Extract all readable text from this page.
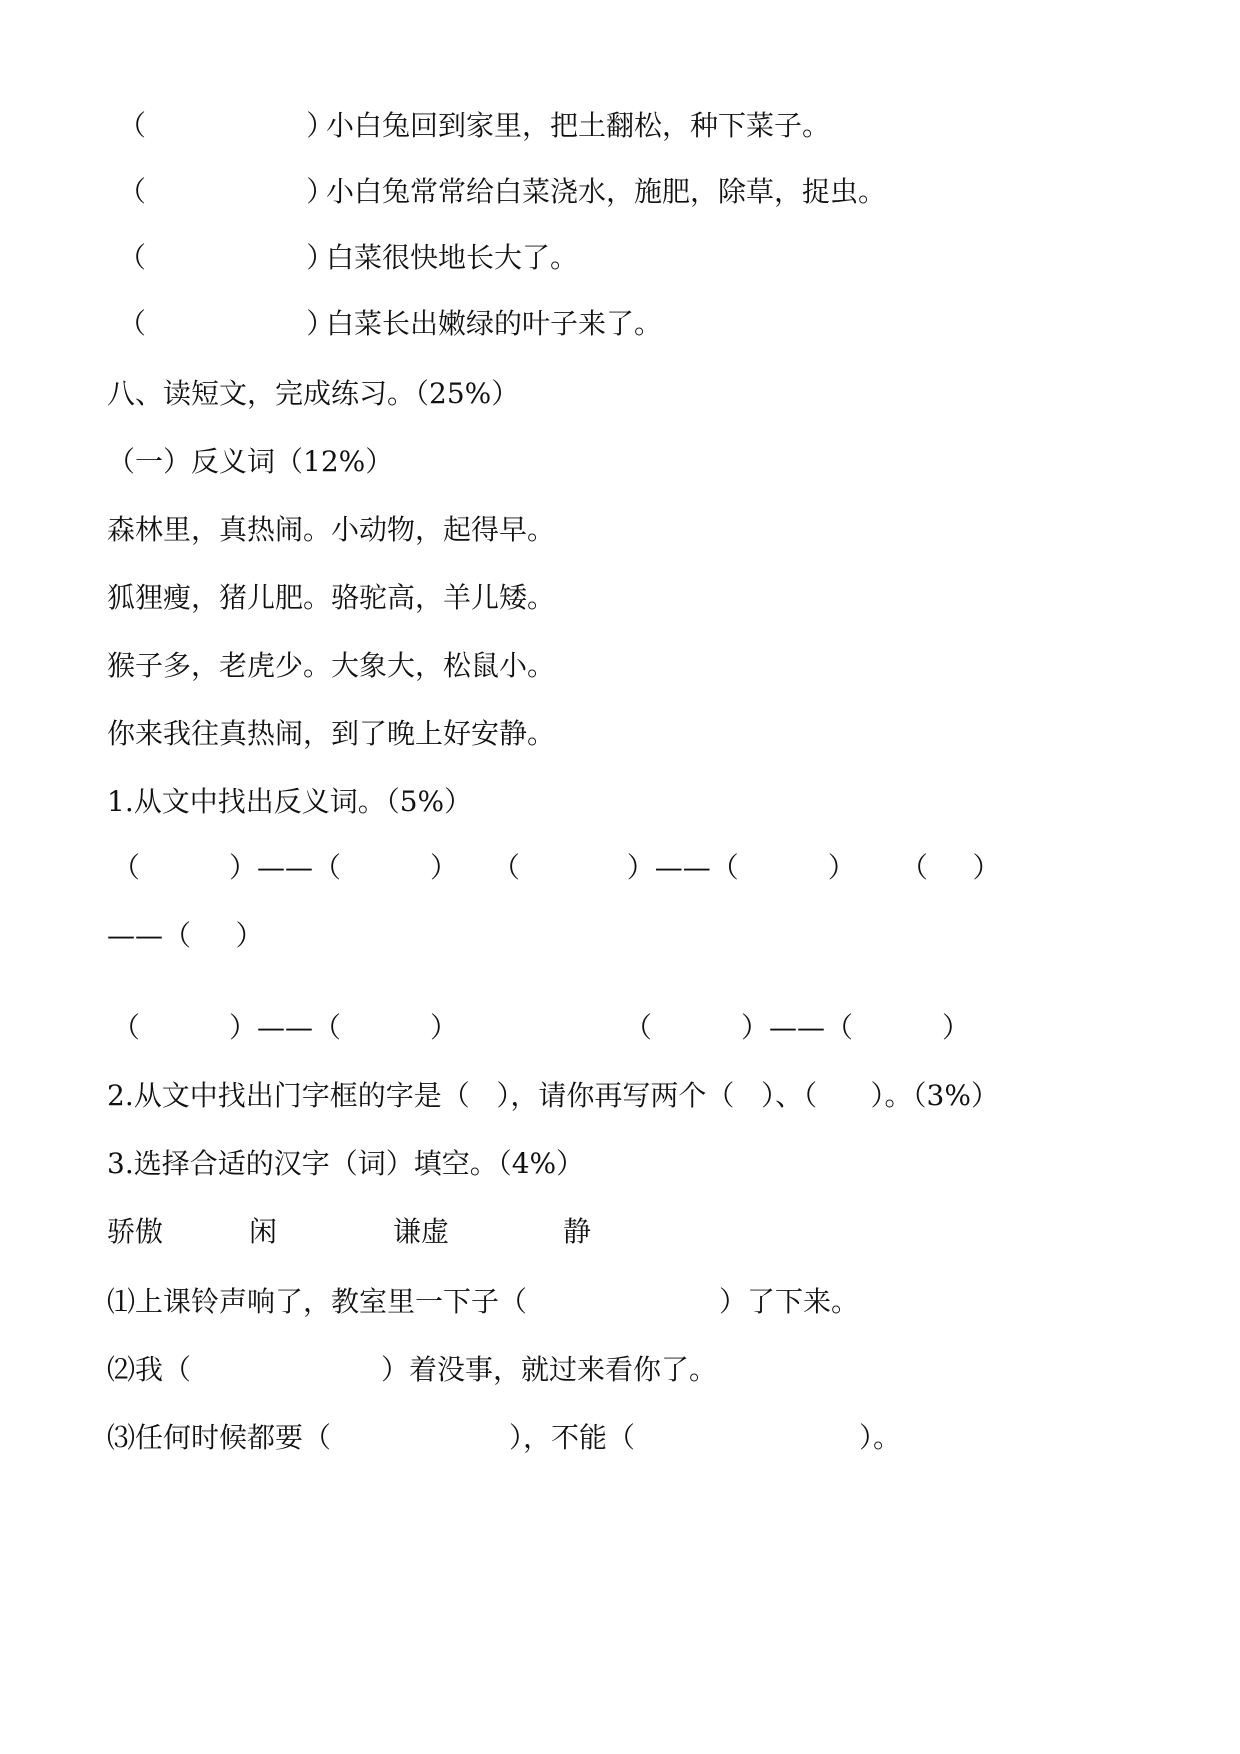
（                  ）

小白兔回到家里，把土翻松，种下菜子。

（                  ）

小白兔常常给白菜浇水，施肥，除草，捉虫。

（                  ）

白菜很快地长大了。

（                  ）

白菜长出嫩绿的叶子来了。

八、读短文，完成练习。（25%）
（一）反义词（12%）
森林里，真热闹。小动物，起得早。
狐狸瘦，猪儿肥。骆驼高，羊儿矮。
猴子多，老虎少。大象大，松鼠小。
你来我往真热闹，到了晚上好安静。
1.从文中找出反义词。（5%）

（          ）——（          ）

（            ）——（          ）

（     ）

——（     ）

（          ）——（          ）

	（          ）——（          ）

2.从文中找出门字框的字是（   ），请你再写两个（   ）、（      ）。（3%）
3.选择合适的汉字（词）填空。（4%）

骄傲

	闲

	谦虚

	静

⑴上课铃声响了，教室里一下子（

	）了下来。

⑵我（

	）着没事，就过来看你了。

⑶任何时候都要（

	），不能（

	）。
